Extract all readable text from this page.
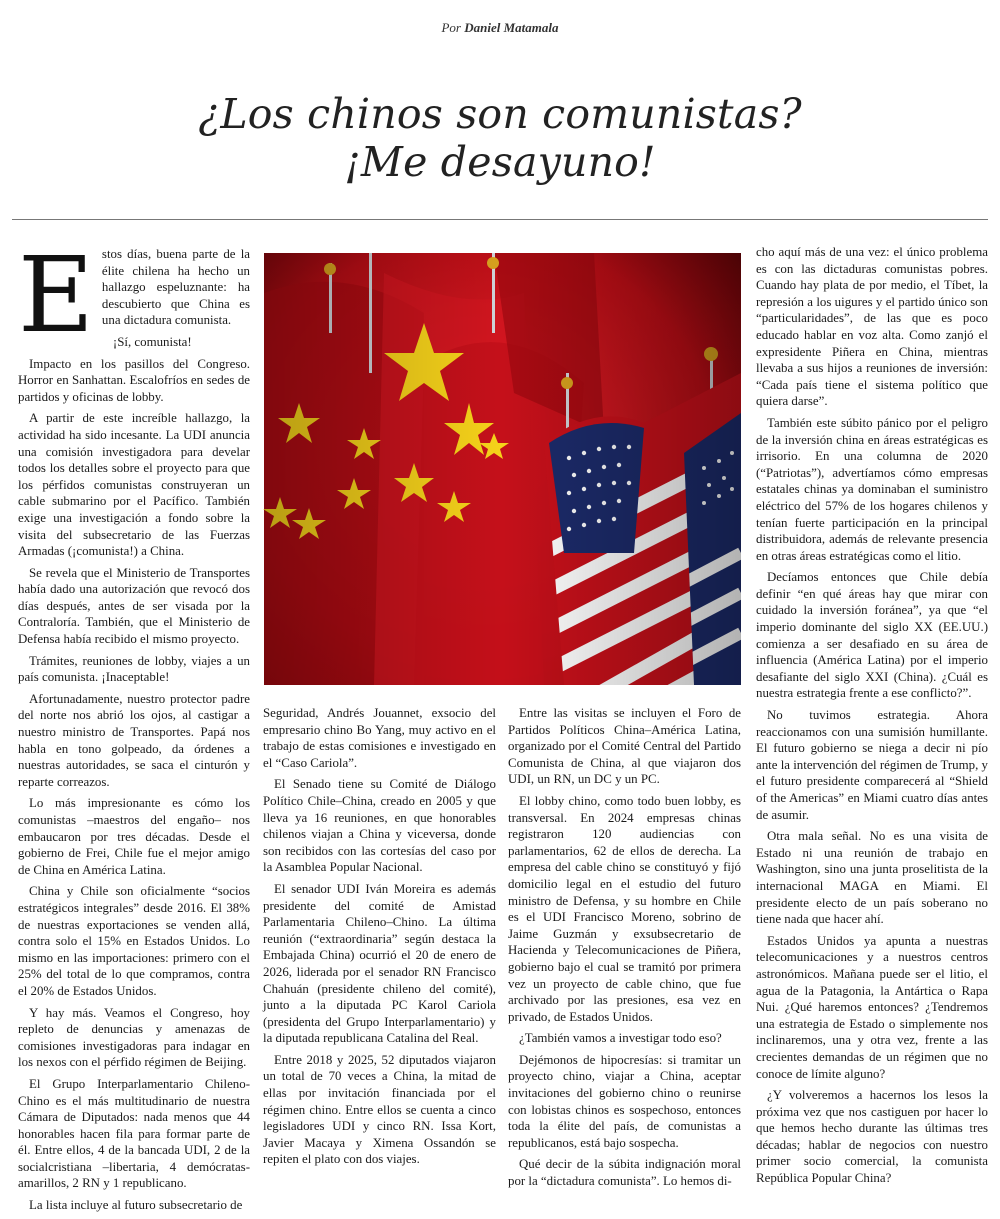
Por Daniel Matamala
¿Los chinos son comunistas?
¡Me desayuno!
E stos días, buena parte de la élite chilena ha hecho un hallazgo espeluznante: ha descubierto que China es una dictadura comunista.

¡Sí, comunista!

Impacto en los pasillos del Congreso. Horror en Sanhattan. Escalofríos en sedes de partidos y oficinas de lobby.

A partir de este increíble hallazgo, la actividad ha sido incesante. La UDI anuncia una comisión investigadora para develar todos los detalles sobre el proyecto para que los pérfidos comunistas construyeran un cable submarino por el Pacífico. También exige una investigación a fondo sobre la visita del subsecretario de las Fuerzas Armadas (¡comunista!) a China.

Se revela que el Ministerio de Transportes había dado una autorización que revocó dos días después, antes de ser visada por la Contraloría. También, que el Ministerio de Defensa había recibido el mismo proyecto.

Trámites, reuniones de lobby, viajes a un país comunista. ¡Inaceptable!

Afortunadamente, nuestro protector padre del norte nos abrió los ojos, al castigar a nuestro ministro de Transportes. Papá nos habla en tono golpeado, da órdenes a nuestras autoridades, se saca el cinturón y reparte correazos.

Lo más impresionante es cómo los comunistas –maestros del engaño– nos embaucaron por tres décadas. Desde el gobierno de Frei, Chile fue el mejor amigo de China en América Latina.

China y Chile son oficialmente “socios estratégicos integrales” desde 2016. El 38% de nuestras exportaciones se venden allá, contra solo el 15% en Estados Unidos. Lo mismo en las importaciones: primero con el 25% del total de lo que compramos, contra el 20% de Estados Unidos.

Y hay más. Veamos el Congreso, hoy repleto de denuncias y amenazas de comisiones investigadoras para indagar en los nexos con el pérfido régimen de Beijing.

El Grupo Interparlamentario Chileno-Chino es el más multitudinario de nuestra Cámara de Diputados: nada menos que 44 honorables hacen fila para formar parte de él. Entre ellos, 4 de la bancada UDI, 2 de la socialcristiana –libertaria, 4 demócratas-amarillos, 2 RN y 1 republicano.

La lista incluye al futuro subsecretario de

Seguridad, Andrés Jouannet, exsocio del empresario chino Bo Yang, muy activo en el trabajo de estas comisiones e investigado en el “Caso Cariola”.

El Senado tiene su Comité de Diálogo Político Chile–China, creado en 2005 y que lleva ya 16 reuniones, en que honorables chilenos viajan a China y viceversa, donde son recibidos con las cortesías del caso por la Asamblea Popular Nacional.

El senador UDI Iván Moreira es además presidente del comité de Amistad Parlamentaria Chileno–Chino. La última reunión (“extraordinaria” según destaca la Embajada China) ocurrió el 20 de enero de 2026, liderada por el senador RN Francisco Chahuán (presidente chileno del comité), junto a la diputada PC Karol Cariola (presidenta del Grupo Interparlamentario) y la diputada republicana Catalina del Real.

Entre 2018 y 2025, 52 diputados viajaron un total de 70 veces a China, la mitad de ellas por invitación financiada por el régimen chino. Entre ellos se cuenta a cinco legisladores UDI y cinco RN. Issa Kort, Javier Macaya y Ximena Ossandón se repiten el plato con dos viajes.

Entre las visitas se incluyen el Foro de Partidos Políticos China–América Latina, organizado por el Comité Central del Partido Comunista de China, al que viajaron dos UDI, un RN, un DC y un PC.

El lobby chino, como todo buen lobby, es transversal. En 2024 empresas chinas registraron 120 audiencias con parlamentarios, 62 de ellos de derecha. La empresa del cable chino se constituyó y fijó domicilio legal en el estudio del futuro ministro de Defensa, y su hombre en Chile es el UDI Francisco Moreno, sobrino de Jaime Guzmán y exsubsecretario de Hacienda y Telecomunicaciones de Piñera, gobierno bajo el cual se tramitó por primera vez un proyecto de cable chino, que fue archivado por las presiones, esa vez en privado, de Estados Unidos.

¿También vamos a investigar todo eso?

Dejémonos de hipocresías: si tramitar un proyecto chino, viajar a China, aceptar invitaciones del gobierno chino o reunirse con lobistas chinos es sospechoso, entonces toda la élite del país, de comunistas a republicanos, está bajo sospecha.

Qué decir de la súbita indignación moral por la “dictadura comunista”. Lo hemos di-

cho aquí más de una vez: el único problema es con las dictaduras comunistas pobres. Cuando hay plata de por medio, el Tíbet, la represión a los uigures y el partido único son “particularidades”, de las que es poco educado hablar en voz alta. Como zanjó el expresidente Piñera en China, mientras llevaba a sus hijos a reuniones de inversión: “Cada país tiene el sistema político que quiera darse”.

También este súbito pánico por el peligro de la inversión china en áreas estratégicas es irrisorio. En una columna de 2020 (“Patriotas”), advertíamos cómo empresas estatales chinas ya dominaban el suministro eléctrico del 57% de los hogares chilenos y tenían fuerte participación en la principal distribuidora, además de relevante presencia en otras áreas estratégicas como el litio.

Decíamos entonces que Chile debía definir “en qué áreas hay que mirar con cuidado la inversión foránea”, ya que “el imperio dominante del siglo XX (EE.UU.) comienza a ser desafiado en su área de influencia (América Latina) por el imperio desafiante del siglo XXI (China). ¿Cuál es nuestra estrategia frente a ese conflicto?”.

No tuvimos estrategia. Ahora reaccionamos con una sumisión humillante. El futuro gobierno se niega a decir ni pío ante la intervención del régimen de Trump, y el futuro presidente comparecerá al “Shield of the Americas” en Miami cuatro días antes de asumir.

Otra mala señal. No es una visita de Estado ni una reunión de trabajo en Washington, sino una junta proselitista de la internacional MAGA en Miami. El presidente electo de un país soberano no tiene nada que hacer ahí.

Estados Unidos ya apunta a nuestras telecomunicaciones y a nuestros centros astronómicos. Mañana puede ser el litio, el agua de la Patagonia, la Antártica o Rapa Nui. ¿Qué haremos entonces? ¿Tendremos una estrategia de Estado o simplemente nos inclinaremos, una y otra vez, frente a las crecientes demandas de un régimen que no conoce de límite alguno?

¿Y volveremos a hacernos los lesos la próxima vez que nos castiguen por hacer lo que hemos hecho durante las últimas tres décadas; hablar de negocios con nuestro primer socio comercial, la comunista República Popular China?
